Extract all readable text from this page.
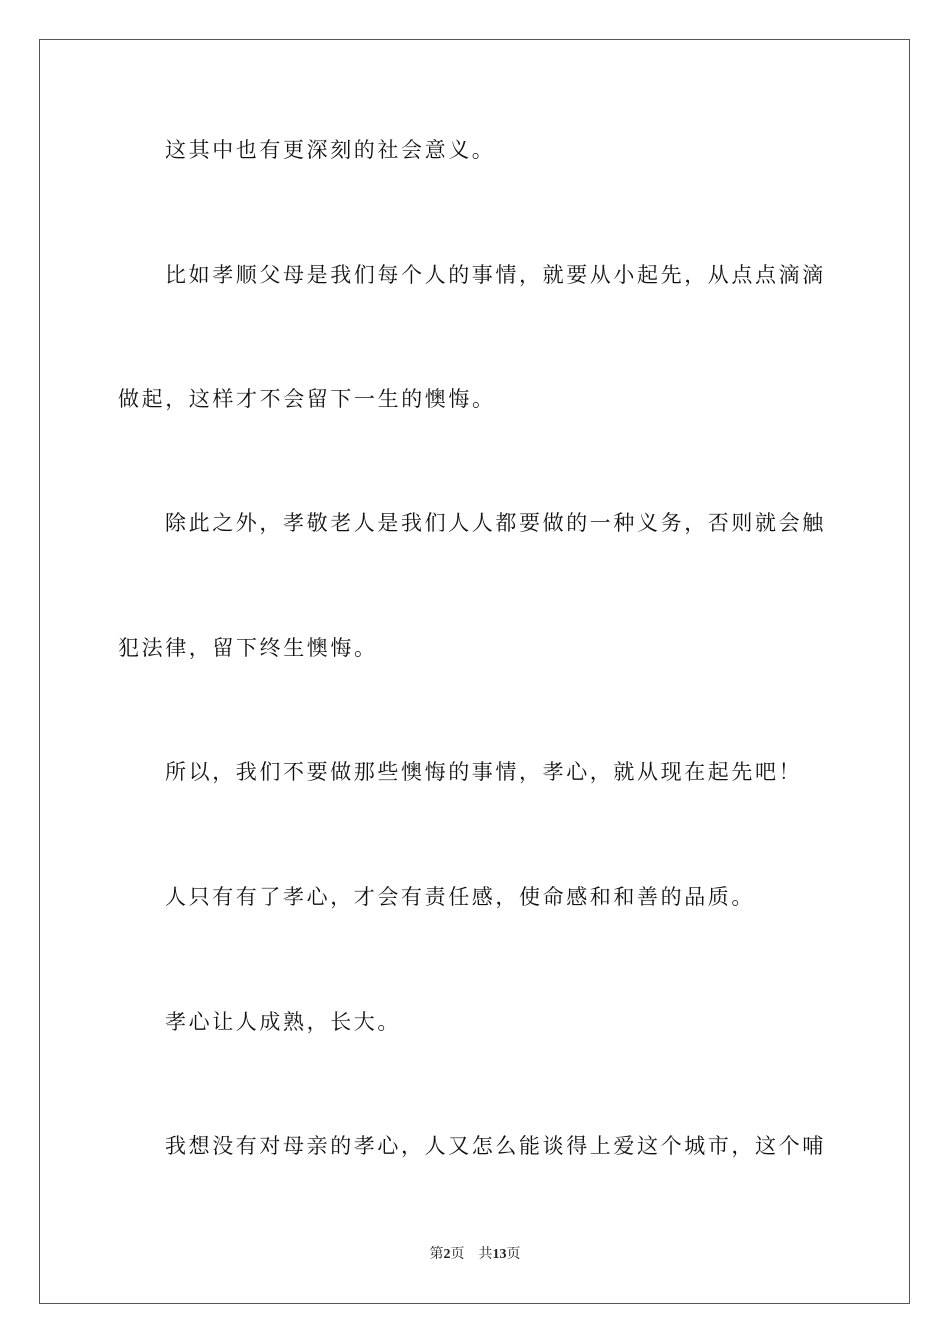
这其中也有更深刻的社会意义。
比如孝顺父母是我们每个人的事情，就要从小起先，从点点滴滴
做起，这样才不会留下一生的懊悔。
除此之外，孝敬老人是我们人人都要做的一种义务，否则就会触
犯法律，留下终生懊悔。
所以，我们不要做那些懊悔的事情，孝心，就从现在起先吧！
人只有有了孝心，才会有责任感，使命感和和善的品质。
孝心让人成熟，长大。
我想没有对母亲的孝心，人又怎么能谈得上爱这个城市，这个哺
第2页 共13页
